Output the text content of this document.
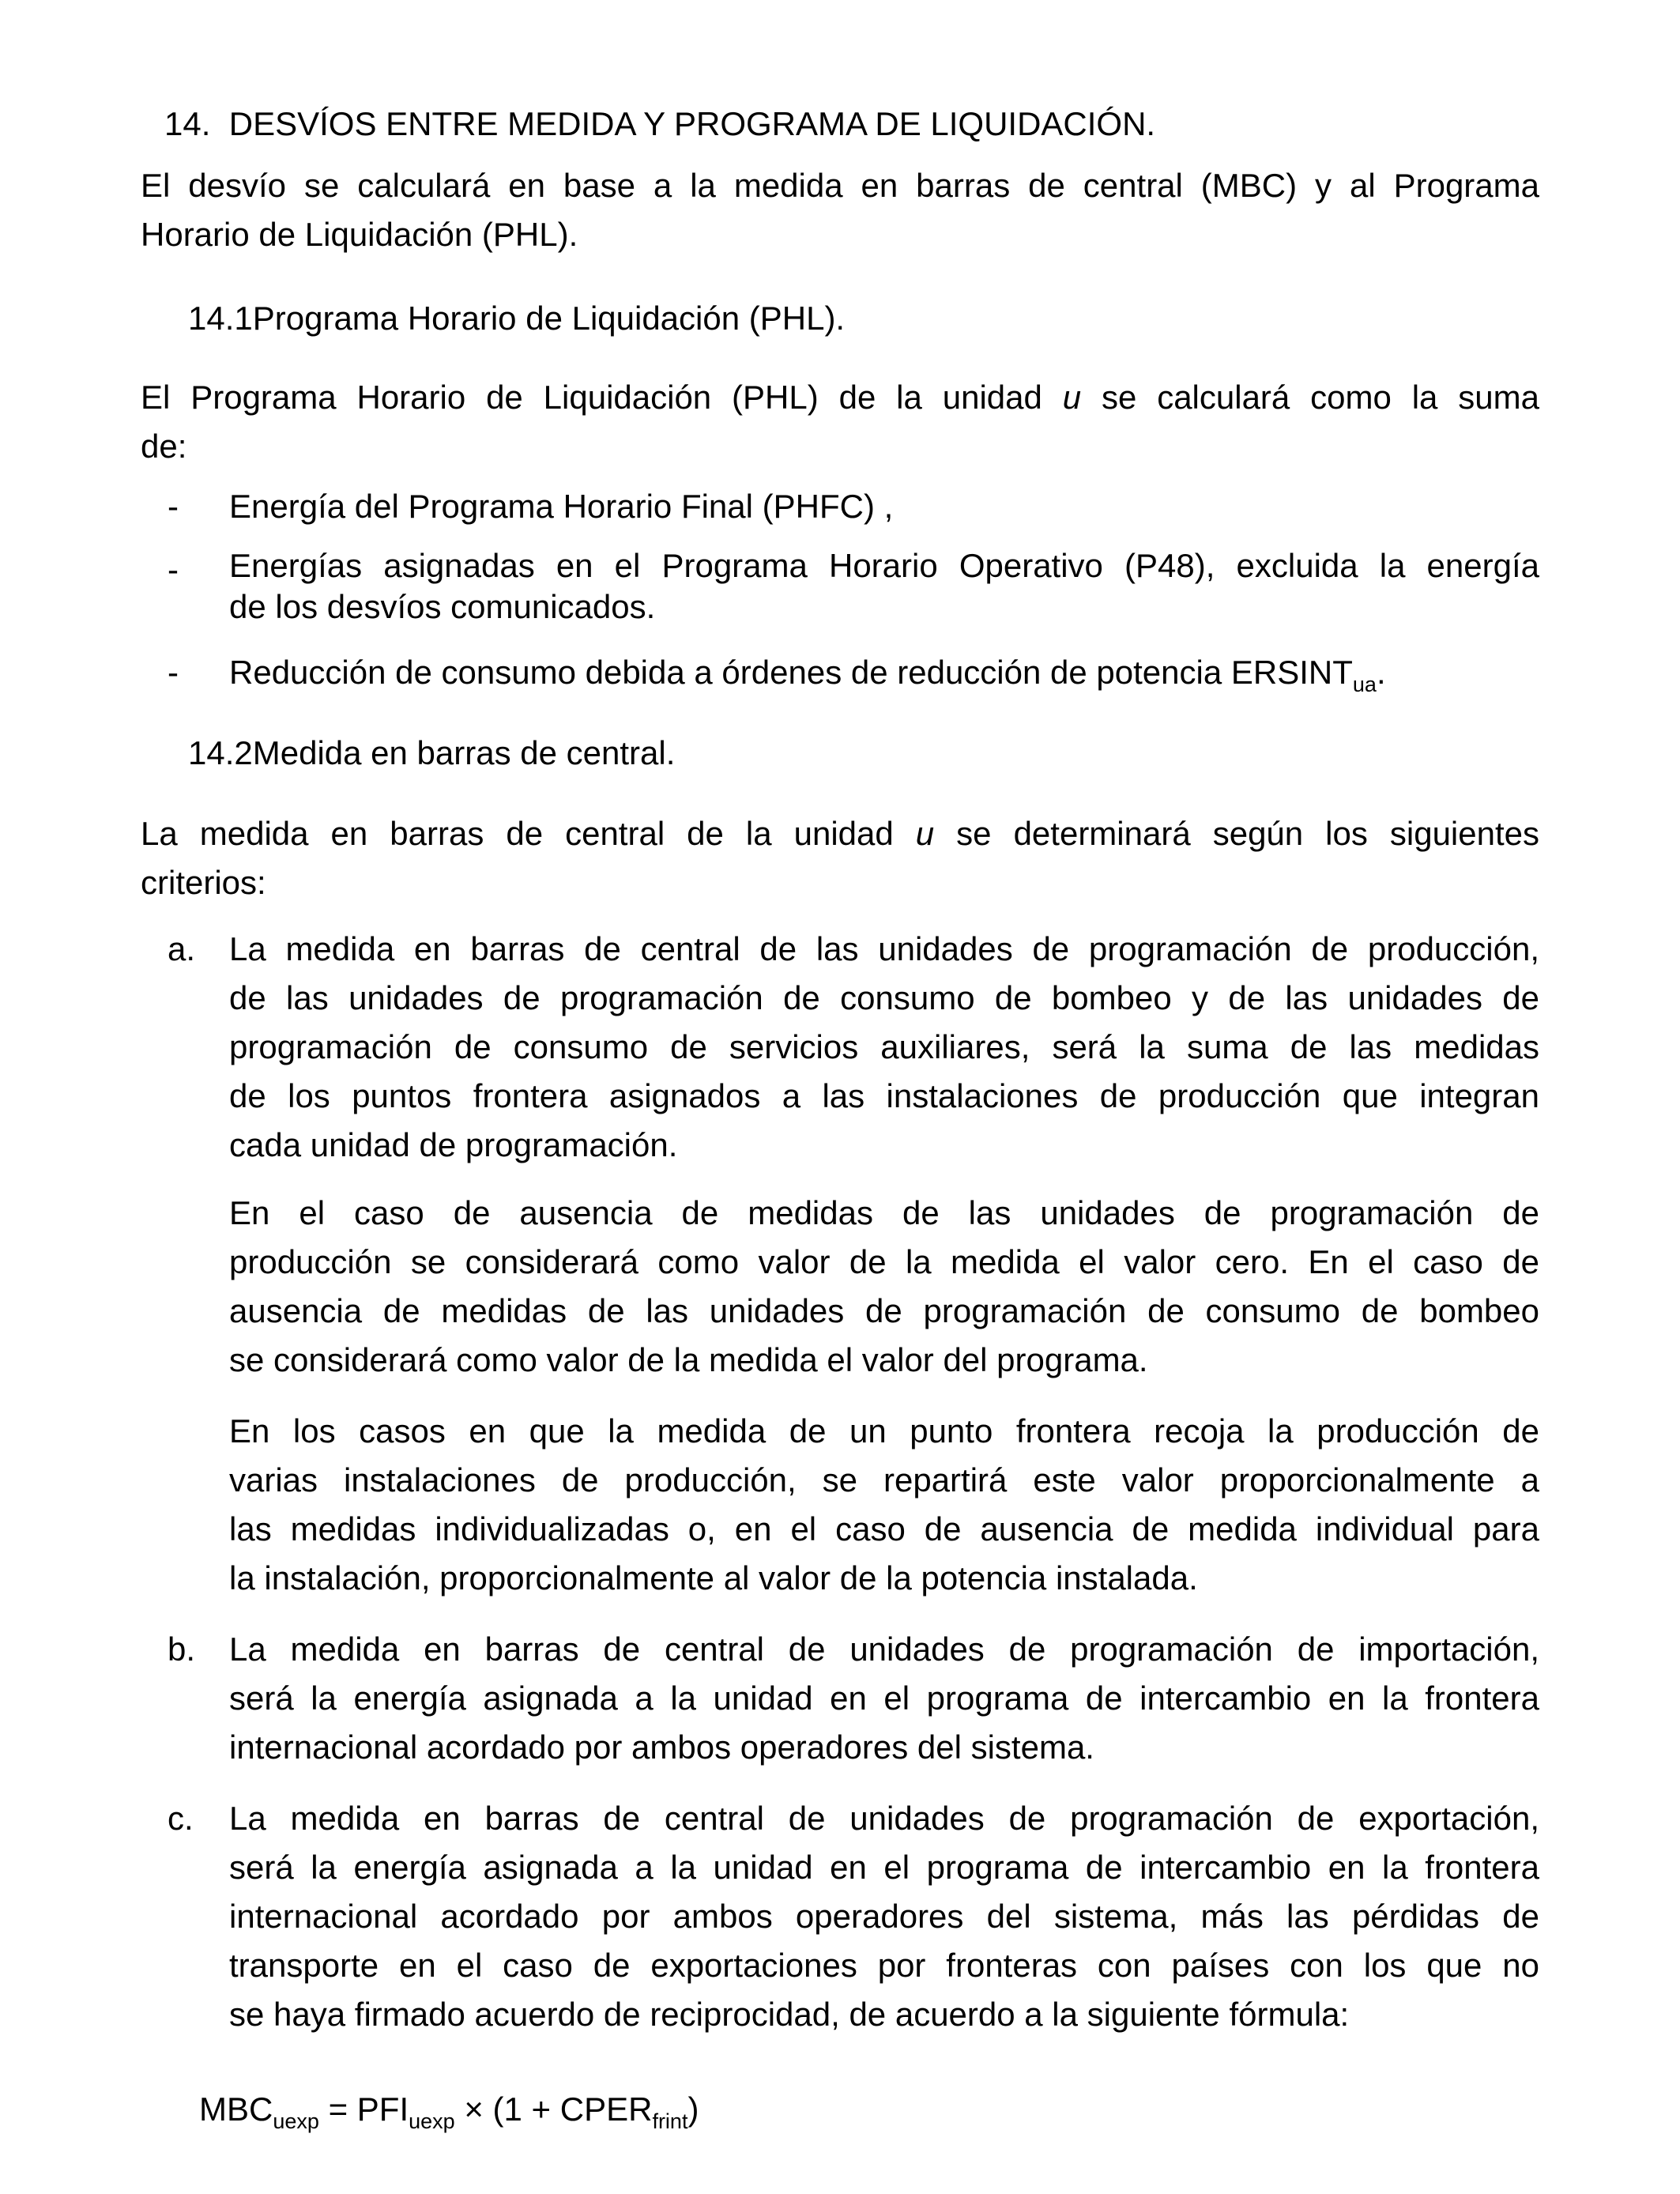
14. DESVÍOS ENTRE MEDIDA Y PROGRAMA DE LIQUIDACIÓN.
El desvío se calculará en base a la medida en barras de central (MBC) y al Programa
Horario de Liquidación (PHL).
14.1Programa Horario de Liquidación (PHL).
El Programa Horario de Liquidación (PHL) de la unidad u se calculará como la suma
de:
- Energía del Programa Horario Final (PHFC) ,
- Energías asignadas en el Programa Horario Operativo (P48), excluida la energía
de los desvíos comunicados.
- Reducción de consumo debida a órdenes de reducción de potencia $ERSINT_{ua}$.
14.2Medida en barras de central.
La medida en barras de central de la unidad u se determinará según los siguientes
criterios:
a. La medida en barras de central de las unidades de programación de producción,
de las unidades de programación de consumo de bombeo y de las unidades de
programación de consumo de servicios auxiliares, será la suma de las medidas
de los puntos frontera asignados a las instalaciones de producción que integran
cada unidad de programación.
En el caso de ausencia de medidas de las unidades de programación de
producción se considerará como valor de la medida el valor cero. En el caso de
ausencia de medidas de las unidades de programación de consumo de bombeo
se considerará como valor de la medida el valor del programa.
En los casos en que la medida de un punto frontera recoja la producción de
varias instalaciones de producción, se repartirá este valor proporcionalmente a
las medidas individualizadas o, en el caso de ausencia de medida individual para
la instalación, proporcionalmente al valor de la potencia instalada.
b. La medida en barras de central de unidades de programación de importación,
será la energía asignada a la unidad en el programa de intercambio en la frontera
internacional acordado por ambos operadores del sistema.
c. La medida en barras de central de unidades de programación de exportación,
será la energía asignada a la unidad en el programa de intercambio en la frontera
internacional acordado por ambos operadores del sistema, más las pérdidas de
transporte en el caso de exportaciones por fronteras con países con los que no
se haya firmado acuerdo de reciprocidad, de acuerdo a la siguiente fórmula:
$MBC_{uexp} = PFI_{uexp} \times (1$ + $CPER_{frint}$)
